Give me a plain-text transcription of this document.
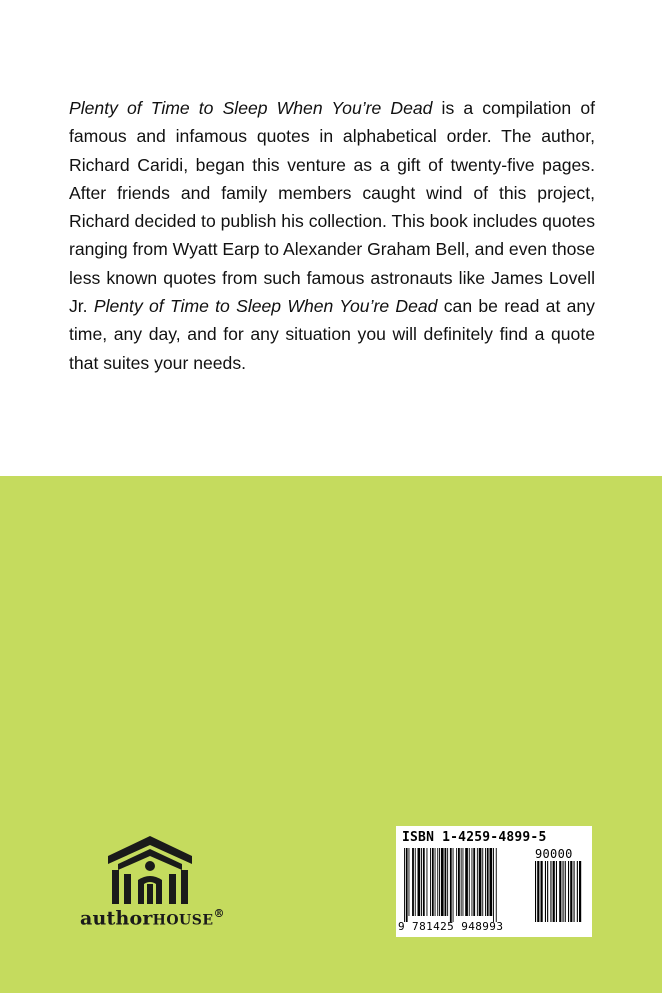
Plenty of Time to Sleep When You’re Dead is a compilation of famous and infamous quotes in alphabetical order. The author, Richard Caridi, began this venture as a gift of twenty-five pages. After friends and family members caught wind of this project, Richard decided to publish his collection. This book includes quotes ranging from Wyatt Earp to Alexander Graham Bell, and even those less known quotes from such famous astronauts like James Lovell Jr. Plenty of Time to Sleep When You’re Dead can be read at any time, any day, and for any situation you will definitely find a quote that suites your needs.

authorHOUSE®
ISBN 1-4259-4899-5
90000
9 781425 948993
